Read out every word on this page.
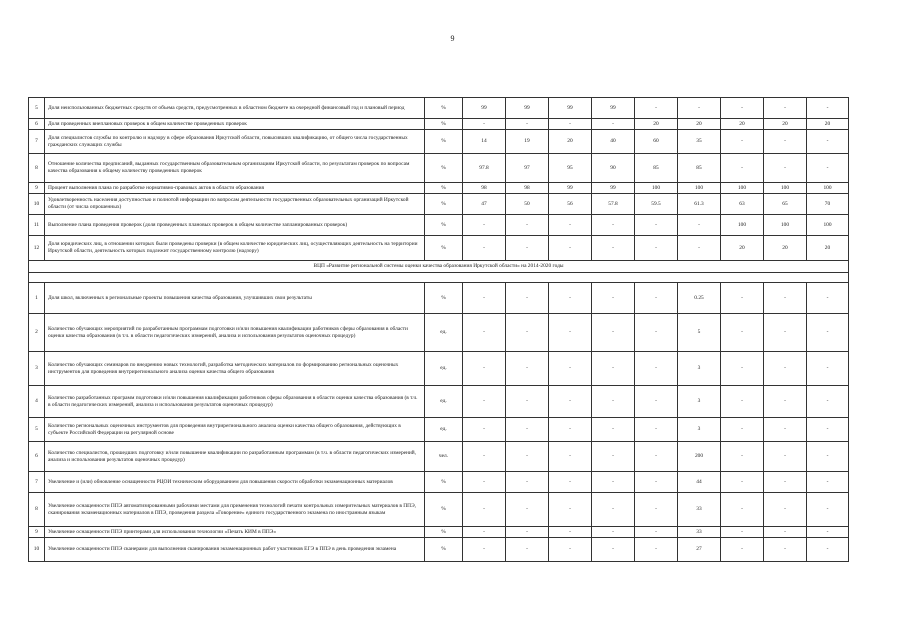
9
5	Доля неиспользованных бюджетных средств от объема средств, предусмотренных в областном бюджете на очередной финансовый год и плановый период	%	99	99	99	99	-	-	-	-	-
6	Доля проведенных внеплановых проверок в общем количестве проведенных проверок	%	-	-	-	-	20	20	20	20	20
7	Доля специалистов службы по контролю и надзору в сфере образования Иркутской области, повысивших квалификацию, от общего числа государственных гражданских служащих службы	%	14	19	20	40	60	35	-	-	-
8	Отношение количества предписаний, выданных государственным образовательным организациям Иркутской области, по результатам проверок по вопросам качества образования к общему количеству проведенных проверок	%	97.8	97	95	90	85	85	-	-	-
9	Процент выполнения плана по разработке нормативно-правовых актов в области образования	%	98	98	99	99	100	100	100	100	100
10	Удовлетворенность населения доступностью и полнотой информации по вопросам деятельности государственных образовательных организаций Иркутской области (от числа опрошенных)	%	47	50	56	57.8	59.5	61.3	63	65	70
11	Выполнение плана проведения проверок (доля проведенных плановых проверок в общем количестве запланированных проверок)	%	-	-	-	-	-	-	100	100	100
12	Доля юридических лиц, в отношении которых были проведены проверки (в общем количестве юридических лиц, осуществляющих деятельность на территории Иркутской области, деятельность которых подлежит государственному контролю (надзору)	%	-	-	-	-	-	-	20	20	20
ВЦП «Развитие региональной системы оценки качества образования Иркутской области» на 2014-2020 годы											

1	Доля школ, включенных в региональные проекты повышения качества образования, улучшивших свои результаты	%	-	-	-	-	-	0.25	-	-	-
2	Количество обучающих мероприятий по разработанным программам подготовки и/или повышения квалификации работников сферы образования в области оценки качества образования (в т.ч. в области педагогических измерений, анализа и использования результатов оценочных процедур)	ед.	-	-	-	-	-	5	-	-	-
3	Количество обучающих семинаров по внедрению новых технологий, разработка методических материалов по формированию региональных оценочных инструментов для проведения внутрирегионального анализа оценки качества общего образования	ед.	-	-	-	-	-	3	-	-	-
4	Количество разработанных программ подготовки и/или повышения квалификации работников сферы образования в области оценки качества образования (в т.ч. в области педагогических измерений, анализа и использования результатов оценочных процедур)	ед.	-	-	-	-	-	3	-	-	-
5	Количество региональных оценочных инструментов для проведения внутрирегионального анализа оценки качества общего образования, действующих в субъекте Российской Федерации на регулярной основе	ед.	-	-	-	-	-	3	-	-	-
6	Количество специалистов, прошедших подготовку и/или повышение квалификации по разработанным программам (в т.ч. в области педагогических измерений, анализа и использования результатов оценочных процедур)	чел.	-	-	-	-	-	200	-	-	-
7	Увеличение и (или) обновление оснащенности РЦОИ техническим оборудованием для повышения скорости обработки экзаменационных материалов	%	-	-	-	-	-	44	-	-	-
8	Увеличение оснащенности ППЭ автоматизированными рабочими местами для применения технологий печати контрольных измерительных материалов в ППЭ, сканирования экзаменационных материалов в ППЭ, проведения раздела «Говорение» единого государственного экзамена по иностранным языкам	%	-	-	-	-	-	33	-	-	-
9	Увеличение оснащенности ППЭ принтерами для использования технологии «Печать КИМ в ППЭ»	%	-	-	-	-	-	33	-	-	-
10	Увеличение оснащенности ППЭ сканерами для выполнения сканирования экзаменационных работ участников ЕГЭ в ППЭ в день проведения экзамена	%	-	-	-	-	-	27	-	-	-
